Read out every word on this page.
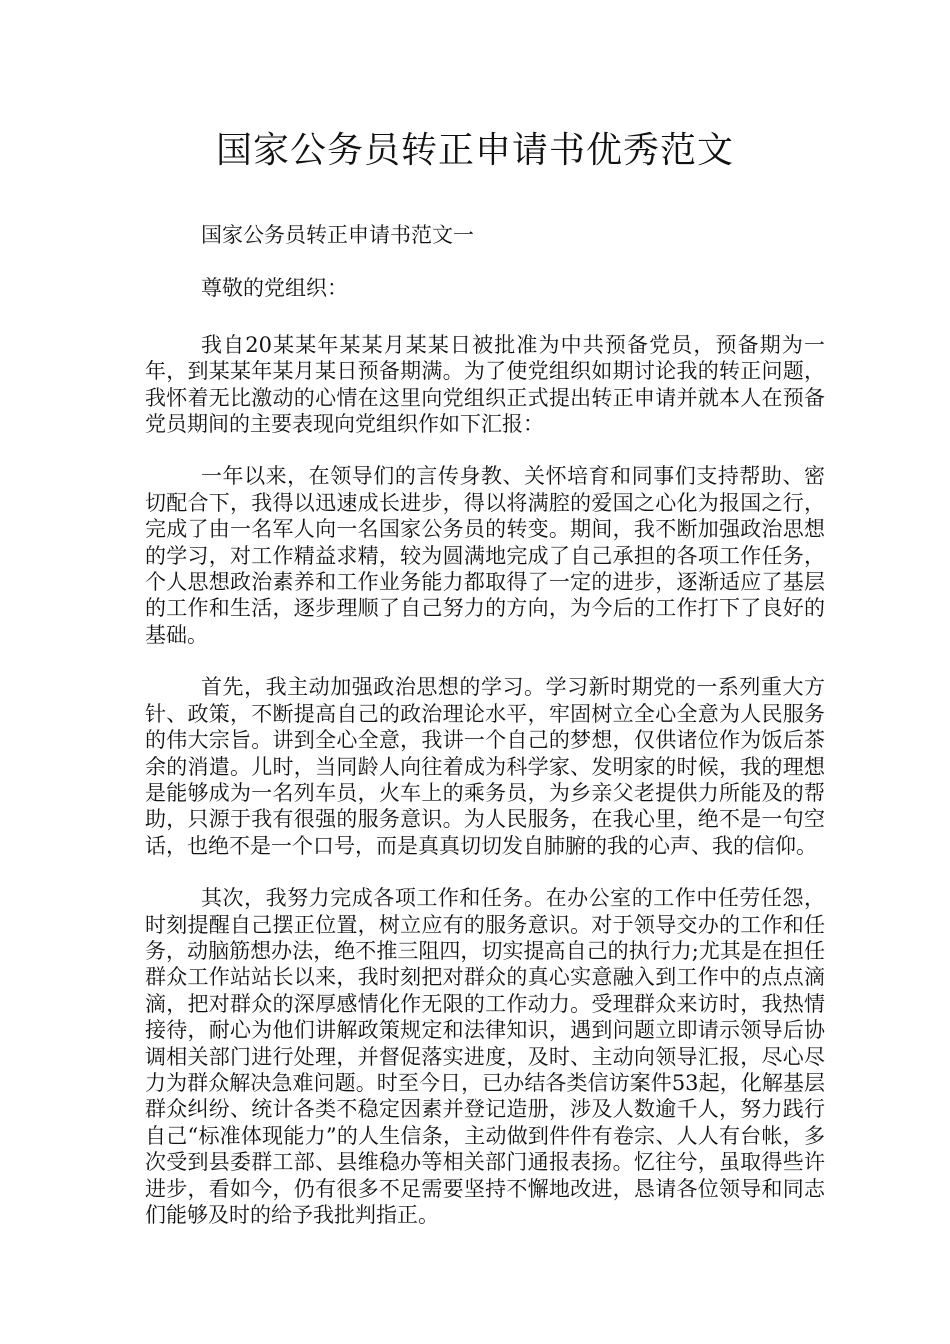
国家公务员转正申请书优秀范文

国家公务员转正申请书范文一

尊敬的党组织：

我自20某某年某某月某某日被批准为中共预备党员，预备期为一年，到某某年某月某日预备期满。为了使党组织如期讨论我的转正问题，我怀着无比激动的心情在这里向党组织正式提出转正申请并就本人在预备党员期间的主要表现向党组织作如下汇报：

一年以来，在领导们的言传身教、关怀培育和同事们支持帮助、密切配合下，我得以迅速成长进步，得以将满腔的爱国之心化为报国之行，完成了由一名军人向一名国家公务员的转变。期间，我不断加强政治思想的学习，对工作精益求精，较为圆满地完成了自己承担的各项工作任务，个人思想政治素养和工作业务能力都取得了一定的进步，逐渐适应了基层的工作和生活，逐步理顺了自己努力的方向，为今后的工作打下了良好的基础。

首先，我主动加强政治思想的学习。学习新时期党的一系列重大方针、政策，不断提高自己的政治理论水平，牢固树立全心全意为人民服务的伟大宗旨。讲到全心全意，我讲一个自己的梦想，仅供诸位作为饭后茶余的消遣。儿时，当同龄人向往着成为科学家、发明家的时候，我的理想是能够成为一名列车员，火车上的乘务员，为乡亲父老提供力所能及的帮助，只源于我有很强的服务意识。为人民服务，在我心里，绝不是一句空话，也绝不是一个口号，而是真真切切发自肺腑的我的心声、我的信仰。

其次，我努力完成各项工作和任务。在办公室的工作中任劳任怨，时刻提醒自己摆正位置，树立应有的服务意识。对于领导交办的工作和任务，动脑筋想办法，绝不推三阻四，切实提高自己的执行力;尤其是在担任群众工作站站长以来，我时刻把对群众的真心实意融入到工作中的点点滴滴，把对群众的深厚感情化作无限的工作动力。受理群众来访时，我热情接待，耐心为他们讲解政策规定和法律知识，遇到问题立即请示领导后协调相关部门进行处理，并督促落实进度，及时、主动向领导汇报，尽心尽力为群众解决急难问题。时至今日，已办结各类信访案件53起，化解基层群众纠纷、统计各类不稳定因素并登记造册，涉及人数逾千人，努力践行自己“标准体现能力”的人生信条，主动做到件件有卷宗、人人有台帐，多次受到县委群工部、县维稳办等相关部门通报表扬。忆往兮，虽取得些许进步，看如今，仍有很多不足需要坚持不懈地改进，恳请各位领导和同志们能够及时的给予我批判指正。
